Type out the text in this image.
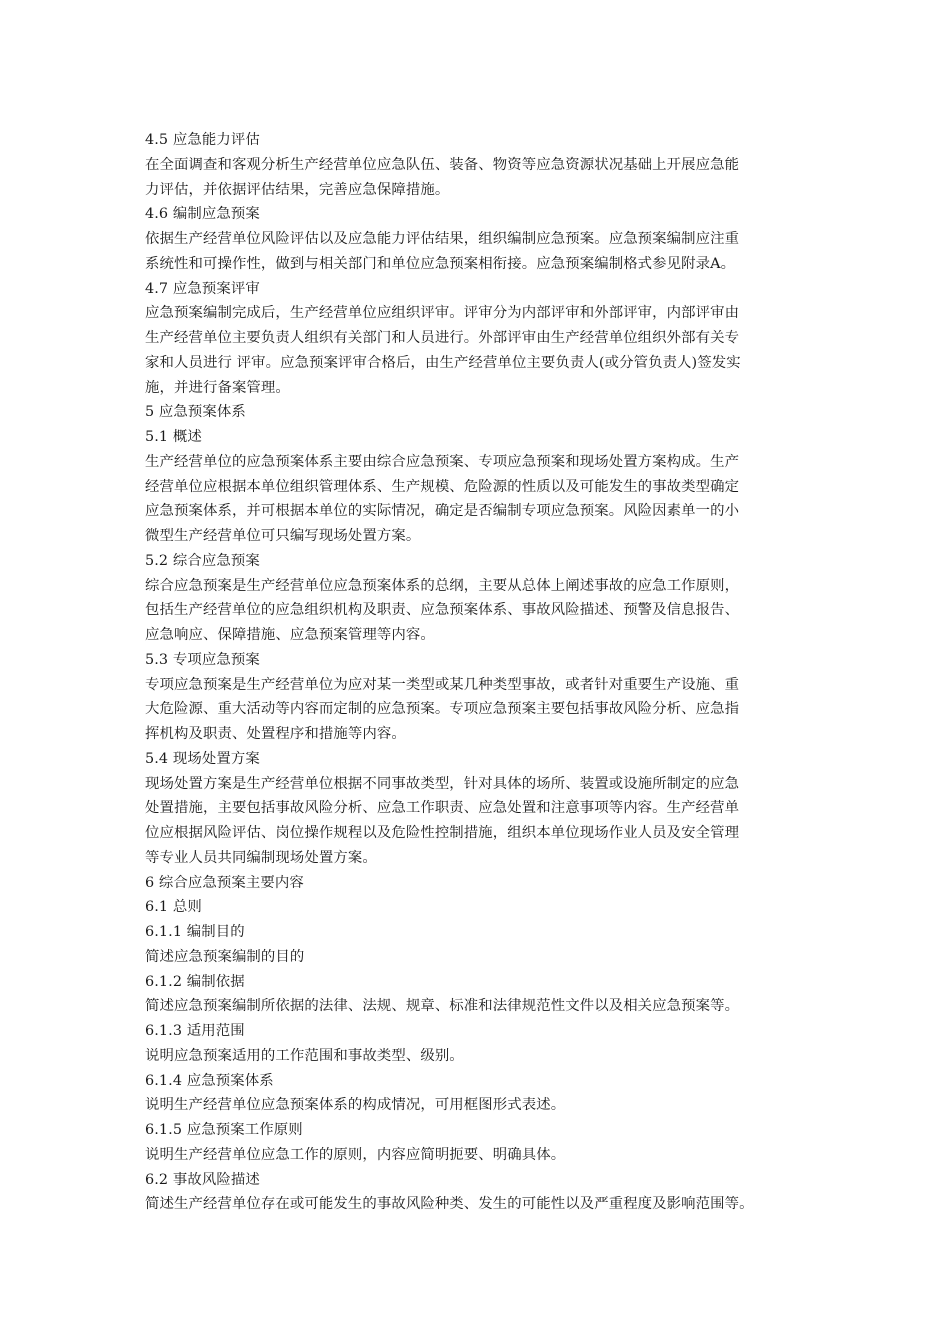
4.5 应急能力评估
在全面调查和客观分析生产经营单位应急队伍、装备、物资等应急资源状况基础上开展应急能
力评估，并依据评估结果，完善应急保障措施。
4.6 编制应急预案
依据生产经营单位风险评估以及应急能力评估结果，组织编制应急预案。应急预案编制应注重
系统性和可操作性，做到与相关部门和单位应急预案相衔接。应急预案编制格式参见附录A。
4.7 应急预案评审
应急预案编制完成后，生产经营单位应组织评审。评审分为内部评审和外部评审，内部评审由
生产经营单位主要负责人组织有关部门和人员进行。外部评审由生产经营单位组织外部有关专
家和人员进行 评审。应急预案评审合格后，由生产经营单位主要负责人(或分管负责人)签发实
施，并进行备案管理。
5 应急预案体系
5.1 概述
生产经营单位的应急预案体系主要由综合应急预案、专项应急预案和现场处置方案构成。生产
经营单位应根据本单位组织管理体系、生产规模、危险源的性质以及可能发生的事故类型确定
应急预案体系，并可根据本单位的实际情况，确定是否编制专项应急预案。风险因素单一的小
微型生产经营单位可只编写现场处置方案。
5.2 综合应急预案
综合应急预案是生产经营单位应急预案体系的总纲，主要从总体上阐述事故的应急工作原则，
包括生产经营单位的应急组织机构及职责、应急预案体系、事故风险描述、预警及信息报告、
应急响应、保障措施、应急预案管理等内容。
5.3 专项应急预案
专项应急预案是生产经营单位为应对某一类型或某几种类型事故，或者针对重要生产设施、重
大危险源、重大活动等内容而定制的应急预案。专项应急预案主要包括事故风险分析、应急指
挥机构及职责、处置程序和措施等内容。
5.4 现场处置方案
现场处置方案是生产经营单位根据不同事故类型，针对具体的场所、装置或设施所制定的应急
处置措施，主要包括事故风险分析、应急工作职责、应急处置和注意事项等内容。生产经营单
位应根据风险评估、岗位操作规程以及危险性控制措施，组织本单位现场作业人员及安全管理
等专业人员共同编制现场处置方案。
6 综合应急预案主要内容
6.1 总则
6.1.1 编制目的
简述应急预案编制的目的
6.1.2 编制依据
简述应急预案编制所依据的法律、法规、规章、标准和法律规范性文件以及相关应急预案等。
6.1.3 适用范围
说明应急预案适用的工作范围和事故类型、级别。
6.1.4 应急预案体系
说明生产经营单位应急预案体系的构成情况，可用框图形式表述。
6.1.5 应急预案工作原则
说明生产经营单位应急工作的原则，内容应简明扼要、明确具体。
6.2 事故风险描述
简述生产经营单位存在或可能发生的事故风险种类、发生的可能性以及严重程度及影响范围等。
